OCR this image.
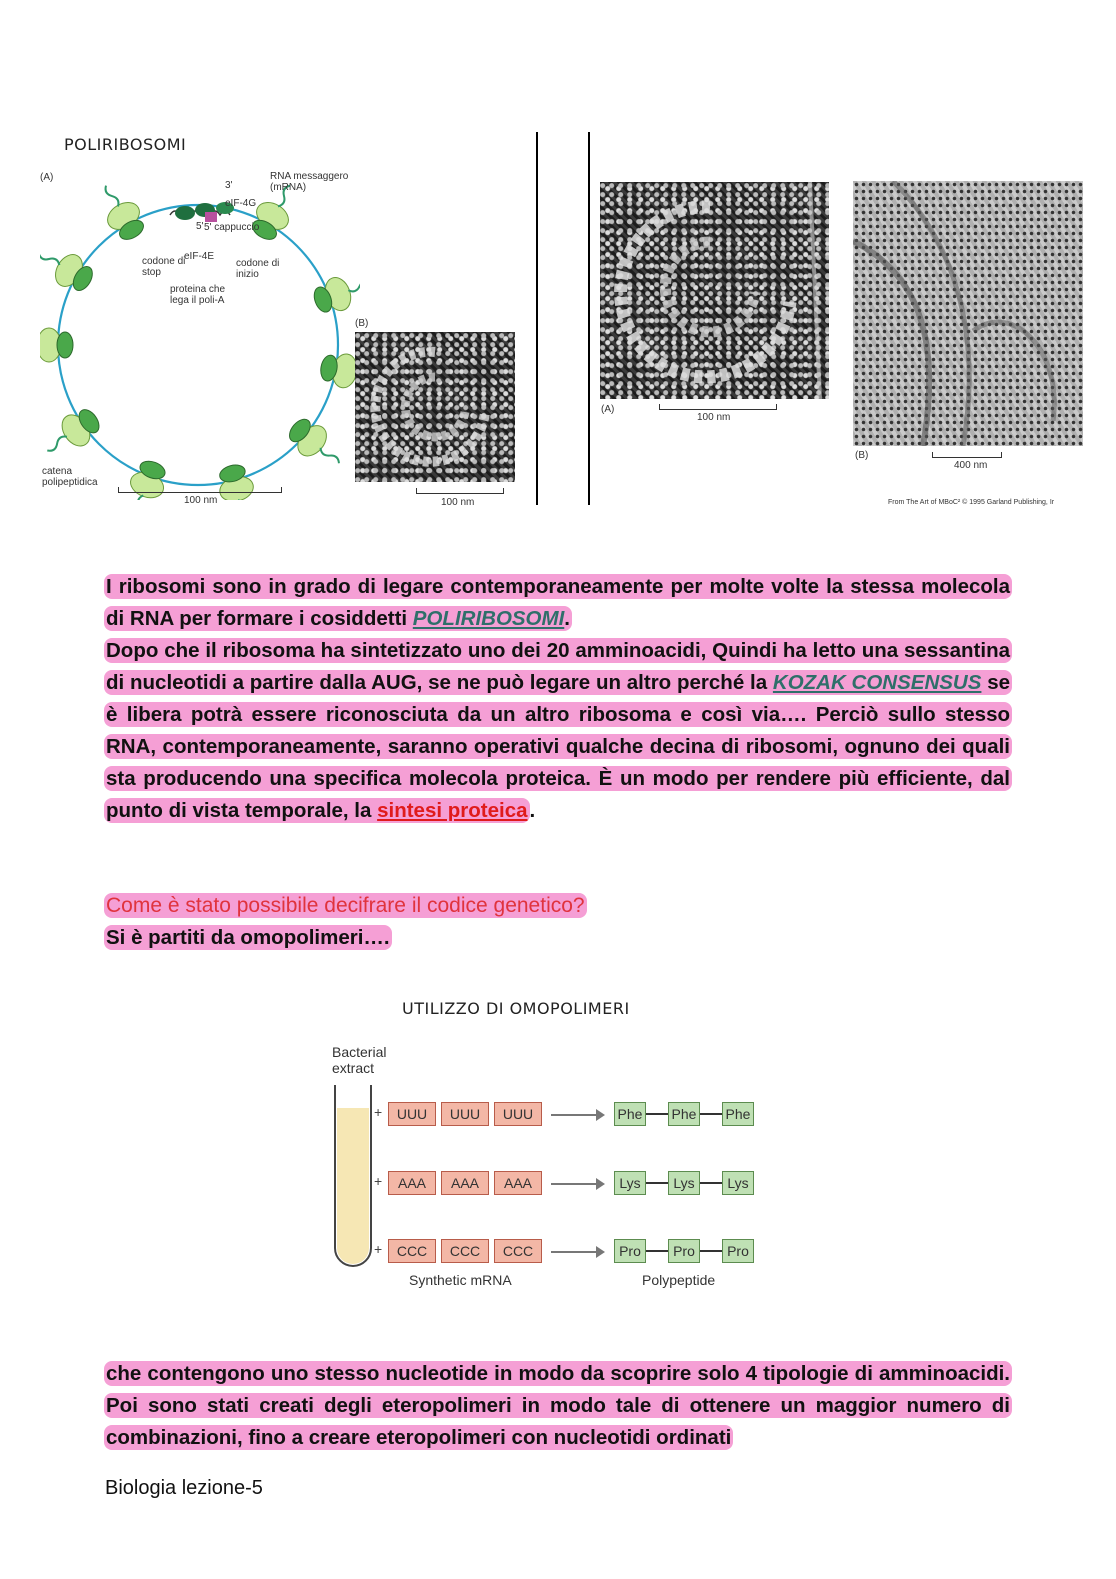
POLIRIBOSOMI
(A)	RNA messaggero (mRNA)
3'
eIF-4G
5' 5' cappuccio
eIF-4E
codone di stop
codone di inizio
proteina che lega il poli-A
catena polipeptidica
100 nm
(B)
100 nm
(A)
100 nm
(B)
400 nm
From The Art of MBoC² © 1995 Garland Publishing, Ir
I ribosomi sono in grado di legare contemporaneamente per molte volte la stessa molecola di RNA per formare i cosiddetti POLIRIBOSOMI.
Dopo che il ribosoma ha sintetizzato uno dei 20 amminoacidi, Quindi ha letto una sessantina di nucleotidi a partire dalla AUG, se ne può legare un altro perché la KOZAK CONSENSUS se è libera potrà essere riconosciuta da un altro ribosoma e così via…. Perciò sullo stesso RNA, contemporaneamente, saranno operativi qualche decina di ribosomi, ognuno dei quali sta producendo una specifica molecola proteica. È un modo per rendere più efficiente, dal punto di vista temporale, la sintesi proteica.
Come è stato possibile decifrare il codice genetico?
Si è partiti da omopolimeri….
UTILIZZO DI OMOPOLIMERI
Bacterial extract
+	UUU	UUU	UUU	Phe Phe Phe
+	AAA	AAA	AAA	Lys	Lys	Lys
+	CCC	CCC	CCC	Pro	Pro	Pro
Synthetic mRNA	Polypeptide
che contengono uno stesso nucleotide in modo da scoprire solo 4 tipologie di amminoacidi. Poi sono stati creati degli eteropolimeri in modo tale di ottenere un maggior numero di combinazioni, fino a creare eteropolimeri con nucleotidi ordinati
Biologia lezione-5
